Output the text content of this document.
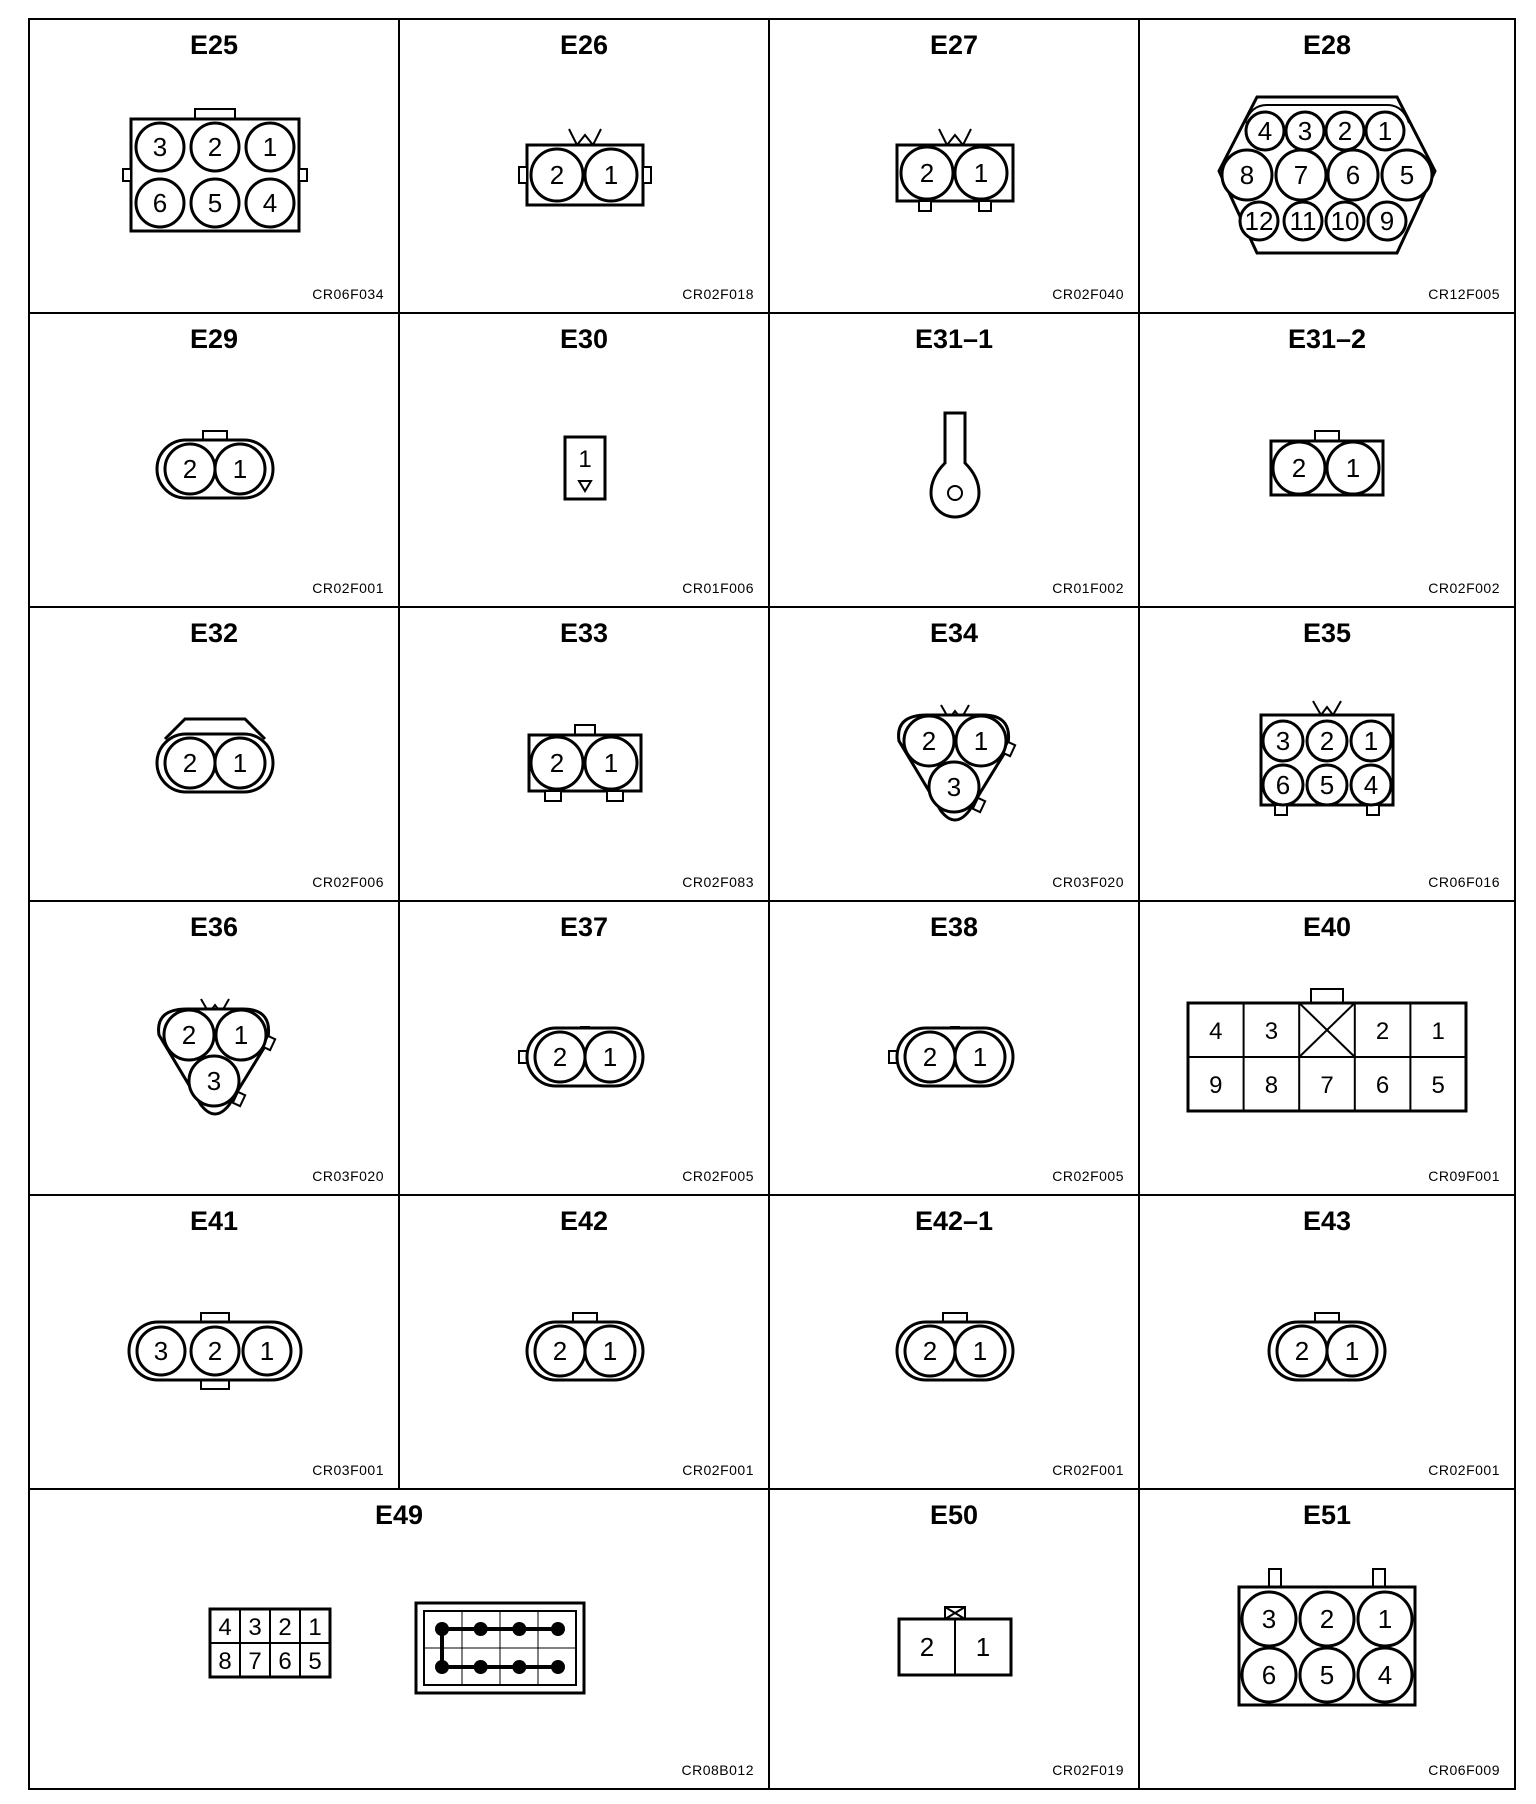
E25
CR06F034
3 2 1
6 5 4
E26
CR02F018
2 1
E27
CR02F040
2 1
E28
CR12F005
4 3 2 1
8 7 6 5
12 11 10 9
E29
CR02F001
2 1
E30
CR01F006
1
E31–1
CR01F002
E31–2
CR02F002
2 1
E32
CR02F006
2 1
E33
CR02F083
2 1
E34
CR03F020
2 1
3
E35
CR06F016
3 2 1
6 5 4
E36
CR03F020
2 1
3
E37
CR02F005
2 1
E38
CR02F005
2 1
E40
CR09F001
4 3	2 1
9 8 7 6 5
E41
CR03F001
3 2 1
E42
CR02F001
2 1
E42–1
CR02F001
2 1
E43
CR02F001
2 1
E49
CR08B012
4 3 2 1
8 7 6 5
E50
CR02F019
2 1
E51
CR06F009
3 2 1
6 5 4
